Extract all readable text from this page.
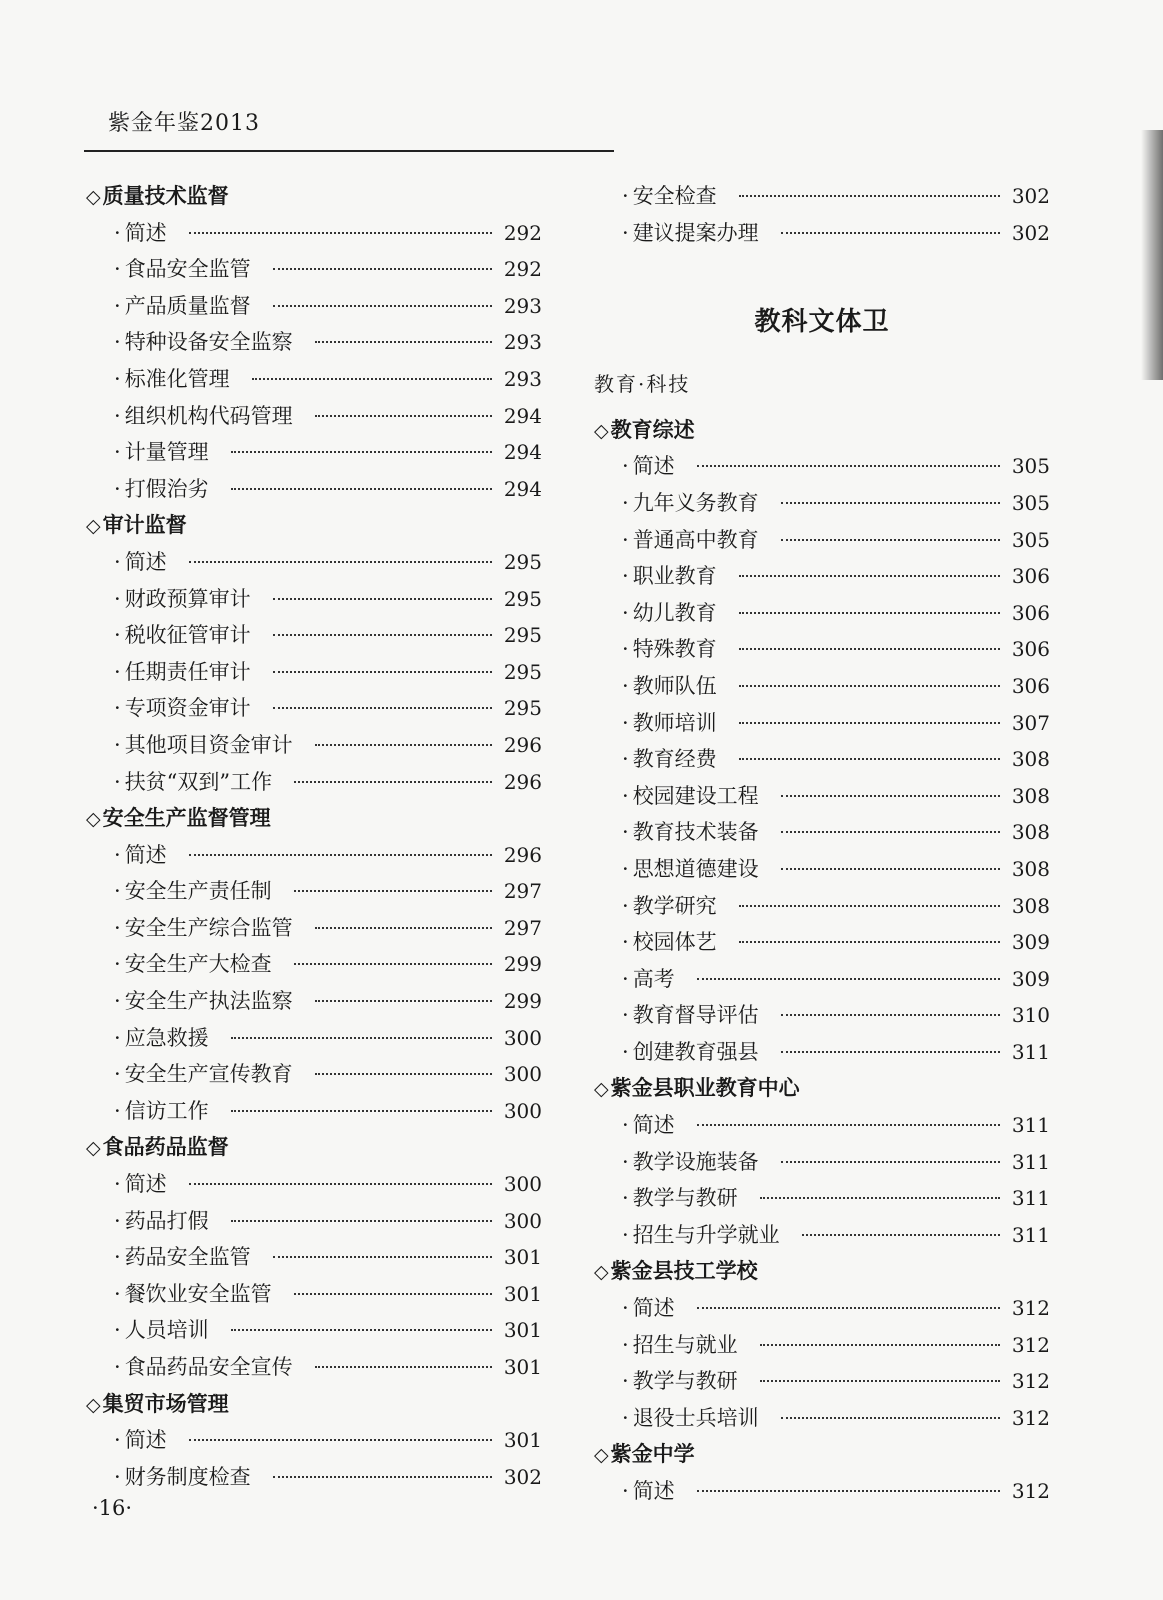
紫金年鉴2013
◇ 质量技术监督
· 简述	292
· 食品安全监管	292
· 产品质量监督	293
· 特种设备安全监察	293
· 标准化管理	293
· 组织机构代码管理	294
· 计量管理	294
· 打假治劣	294
◇ 审计监督
· 简述	295
· 财政预算审计	295
· 税收征管审计	295
· 任期责任审计	295
· 专项资金审计	295
· 其他项目资金审计	296
· 扶贫“双到”工作	296
◇ 安全生产监督管理
· 简述	296
· 安全生产责任制	297
· 安全生产综合监管	297
· 安全生产大检查	299
· 安全生产执法监察	299
· 应急救援	300
· 安全生产宣传教育	300
· 信访工作	300
◇ 食品药品监督
· 简述	300
· 药品打假	300
· 药品安全监管	301
· 餐饮业安全监管	301
· 人员培训	301
· 食品药品安全宣传	301
◇ 集贸市场管理
· 简述	301
· 财务制度检查	302
· 安全检查	302
· 建议提案办理	302
教科文体卫
教育·科技
◇ 教育综述
· 简述	305
· 九年义务教育	305
· 普通高中教育	305
· 职业教育	306
· 幼儿教育	306
· 特殊教育	306
· 教师队伍	306
· 教师培训	307
· 教育经费	308
· 校园建设工程	308
· 教育技术装备	308
· 思想道德建设	308
· 教学研究	308
· 校园体艺	309
· 高考	309
· 教育督导评估	310
· 创建教育强县	311
◇ 紫金县职业教育中心
· 简述	311
· 教学设施装备	311
· 教学与教研	311
· 招生与升学就业	311
◇ 紫金县技工学校
· 简述	312
· 招生与就业	312
· 教学与教研	312
· 退役士兵培训	312
◇ 紫金中学
· 简述	312
·16·
